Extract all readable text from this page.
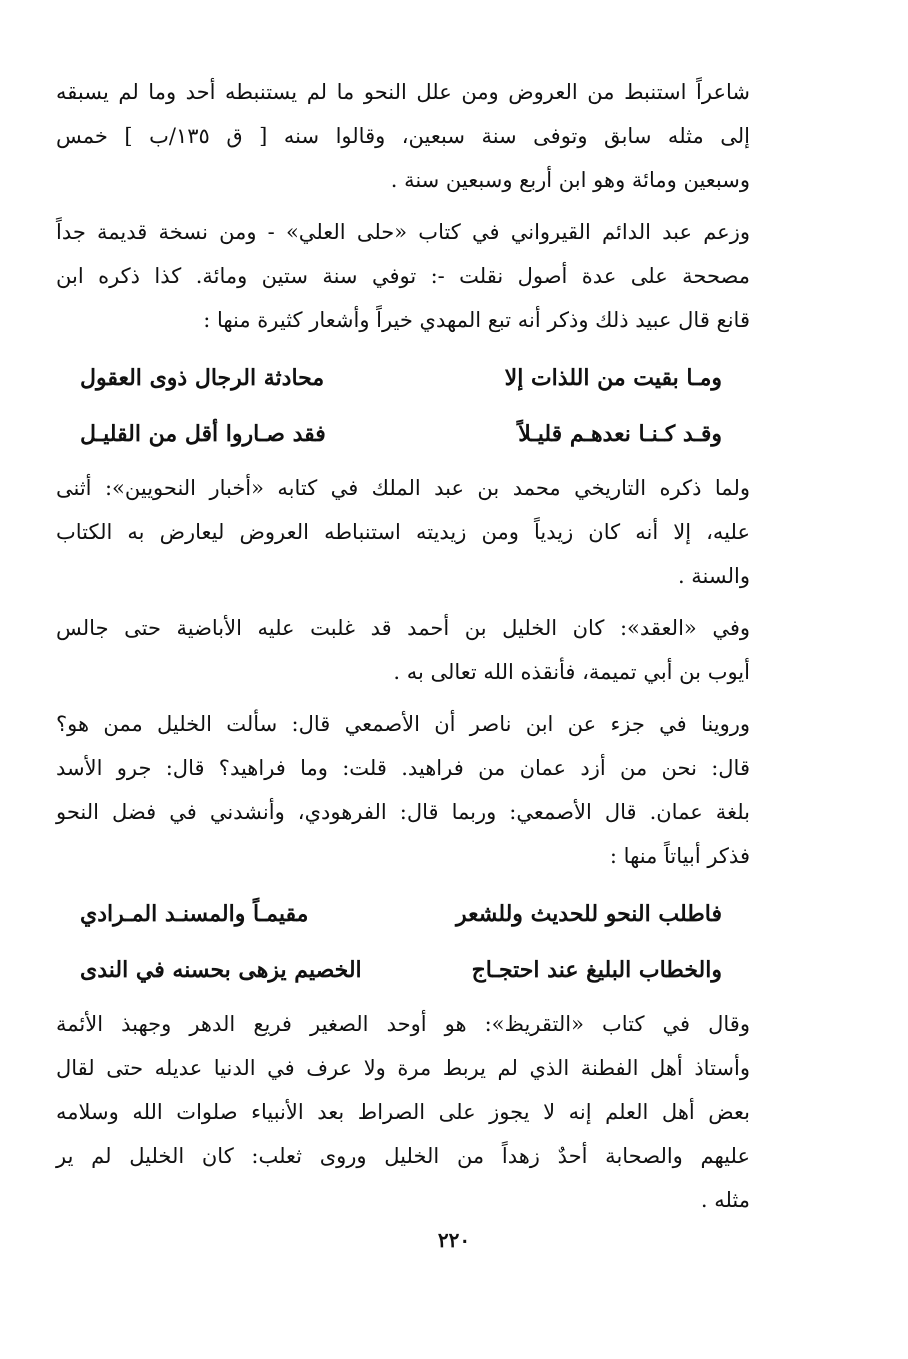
شاعراً استنبط من العروض ومن علل النحو ما لم يستنبطه أحد وما لم يسبقه
إلى مثله سابق وتوفى سنة سبعين، وقالوا سنه [ ق ١٣٥/ب ] خمس
وسبعين ومائة وهو ابن أربع وسبعين سنة .
وزعم عبد الدائم القيرواني في كتاب «حلى العلي» - ومن نسخة قديمة جداً
مصححة على عدة أصول نقلت -: توفي سنة ستين ومائة. كذا ذكره ابن
قانع قال عبيد ذلك وذكر أنه تبع المهدي خيراً وأشعار كثيرة منها :
ومـا بقيت من اللذات إلا
محادثة الرجال ذوى العقول
وقـد كـنـا نعدهـم قليـلاً
فقد صـاروا أقل من القليـل
ولما ذكره التاريخي محمد بن عبد الملك في كتابه «أخبار النحويين»: أثنى
عليه، إلا أنه كان زيدياً ومن زيديته استنباطه العروض ليعارض به الكتاب
والسنة .
وفي «العقد»: كان الخليل بن أحمد قد غلبت عليه الأباضية حتى جالس
أيوب بن أبي تميمة، فأنقذه الله تعالى به .
وروينا في جزء عن ابن ناصر أن الأصمعي قال: سألت الخليل ممن هو؟
قال: نحن من أزد عمان من فراهيد. قلت: وما فراهيد؟ قال: جرو الأسد
بلغة عمان. قال الأصمعي: وربما قال: الفرهودي، وأنشدني في فضل النحو
فذكر أبياتاً منها :
فاطلب النحو للحديث وللشعر
مقيمـاً والمسنـد المـرادي
والخطاب البليغ عند احتجـاج
الخصيم يزهى بحسنه في الندى
وقال في كتاب «التقريظ»: هو أوحد الصغير فريع الدهر وجهبذ الأئمة
وأستاذ أهل الفطنة الذي لم يربط مرة ولا عرف في الدنيا عديله حتى لقال
بعض أهل العلم إنه لا يجوز على الصراط بعد الأنبياء صلوات الله وسلامه
عليهم والصحابة أحدٌ زهداً من الخليل وروى ثعلب: كان الخليل لم ير
مثله .
٢٢٠
